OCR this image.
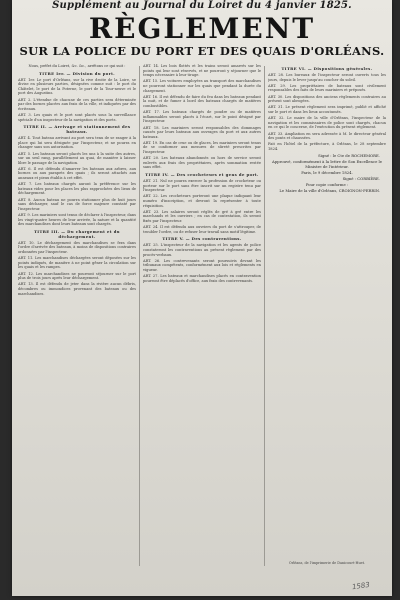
Supplément au Journal du Loiret du 4 janvier 1825.
RÈGLEMENT
SUR LA POLICE DU PORT ET DES QUAIS D'ORLÉANS.
Nous, préfet du Loiret, &c. &c., arrêtons ce qui suit :
TITRE Ier. — Division du port.
ART. 1er. Le port d'Orléans, sur la rive droite de la Loire, se divise en plusieurs parties, désignées comme suit : le port du Châtelet, le port de la Poterne, le port de la Tour-neuve et le port des Augustins.
ART. 2. L'étendue de chacune de ces parties sera déterminée par des bornes placées aux frais de la ville, et indiquées par des écriteaux.
ART. 3. Les quais et le port sont placés sous la surveillance spéciale d'un inspecteur de la navigation et des ports.
TITRE II. — Arrivage et stationnement des bateaux.
ART. 4. Tout bateau arrivant au port sera tenu de se ranger à la place qui lui sera désignée par l'inspecteur, et ne pourra en changer sans son autorisation.
ART. 5. Les bateaux seront placés les uns à la suite des autres, sur un seul rang, parallèlement au quai, de manière à laisser libre le passage de la navigation.
ART. 6. Il est défendu d'amarrer les bateaux aux arbres, aux bornes ou aux parapets des quais ; ils seront attachés aux anneaux et pieux établis à cet effet.
ART. 7. Les bateaux chargés auront la préférence sur les bateaux vides pour les places les plus rapprochées des lieux de déchargement.
ART. 8. Aucun bateau ne pourra stationner plus de huit jours sans décharger, sauf le cas de force majeure constaté par l'inspecteur.
ART. 9. Les mariniers sont tenus de déclarer à l'inspecteur, dans les vingt-quatre heures de leur arrivée, la nature et la quantité des marchandises dont leurs bateaux sont chargés.
TITRE III. — Du chargement et du déchargement.
ART. 10. Le déchargement des marchandises se fera dans l'ordre d'arrivée des bateaux, à moins de dispositions contraires ordonnées par l'inspecteur.
ART. 11. Les marchandises déchargées seront déposées sur les points indiqués, de manière à ne point gêner la circulation sur les quais et les rampes.
ART. 12. Les marchandises ne pourront séjourner sur le port plus de trois jours après leur déchargement.
ART. 13. Il est défendu de jeter dans la rivière aucun débris, décombres ou immondices provenant des bateaux ou des marchandises.
ART. 14. Les bois flottés et les trains seront amarrés sur les points qui leur sont réservés, et ne pourront y séjourner que le temps nécessaire à leur tirage.
ART. 15. Les voitures employées au transport des marchandises ne pourront stationner sur les quais que pendant la durée du chargement.
ART. 16. Il est défendu de faire du feu dans les bateaux pendant la nuit, et de fumer à bord des bateaux chargés de matières combustibles.
ART. 17. Les bateaux chargés de poudre ou de matières inflammables seront placés à l'écart, sur le point désigné par l'inspecteur.
ART. 18. Les mariniers seront responsables des dommages causés par leurs bateaux aux ouvrages du port et aux autres bateaux.
ART. 19. En cas de crue ou de glaces, les mariniers seront tenus de se conformer aux mesures de sûreté prescrites par l'inspecteur.
ART. 20. Les bateaux abandonnés ou hors de service seront enlevés aux frais des propriétaires, après sommation restée sans effet.
TITRE IV. — Des crocheteurs et gens de port.
ART. 21. Nul ne pourra exercer la profession de crocheteur ou porteur sur le port sans être inscrit sur un registre tenu par l'inspecteur.
ART. 22. Les crocheteurs porteront une plaque indiquant leur numéro d'inscription, et devront la représenter à toute réquisition.
ART. 23. Les salaires seront réglés de gré à gré entre les marchands et les ouvriers ; en cas de contestation, ils seront fixés par l'inspecteur.
ART. 24. Il est défendu aux ouvriers du port de s'attrouper, de troubler l'ordre, ou de refuser leur travail sans motif légitime.
TITRE V. — Des contraventions.
ART. 25. L'inspecteur de la navigation et les agents de police constateront les contraventions au présent règlement par des procès-verbaux.
ART. 26. Les contrevenants seront poursuivis devant les tribunaux compétents, conformément aux lois et règlements en vigueur.
ART. 27. Les bateaux et marchandises placés en contravention pourront être déplacés d'office, aux frais des contrevenants.
TITRE VI. — Dispositions générales.
ART. 28. Les bureaux de l'inspecteur seront ouverts tous les jours, depuis le lever jusqu'au coucher du soleil.
ART. 29. Les propriétaires de bateaux sont civilement responsables des faits de leurs mariniers et préposés.
ART. 30. Les dispositions des anciens règlements contraires au présent sont abrogées.
ART. 31. Le présent règlement sera imprimé, publié et affiché sur le port et dans les lieux accoutumés.
ART. 32. Le maire de la ville d'Orléans, l'inspecteur de la navigation et les commissaires de police sont chargés, chacun en ce qui le concerne, de l'exécution du présent règlement.
ART. 33. Ampliation en sera adressée à M. le directeur général des ponts et chaussées.
Fait en l'hôtel de la préfecture, à Orléans, le 28 septembre 1824.
Signé : le Cte de ROCHEMORE.
Approuvé, conformément à la lettre de Son Excellence le Ministre de l'intérieur.
Paris, le 9 décembre 1824.
Signé : CORBIÈRE.
Pour copie conforme :
Le Maire de la ville d'Orléans, CROIGNON-PERRIN.
Orléans, de l'imprimerie de Danicourt-Huet.
1583
